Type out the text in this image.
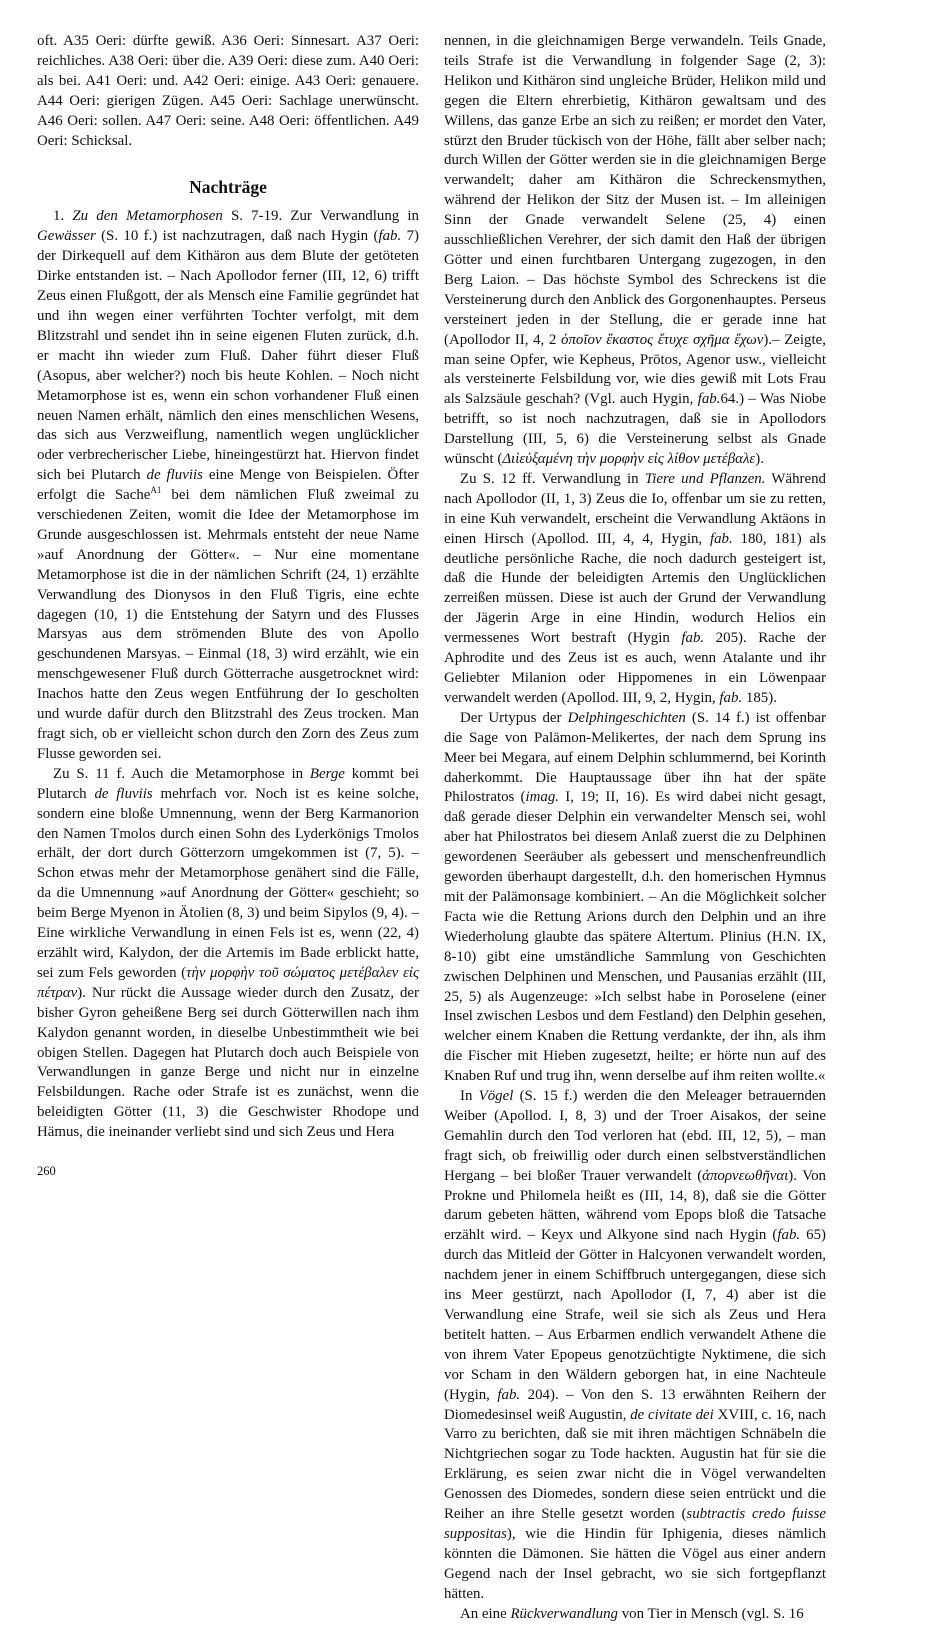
oft. A35 Oeri: dürfte gewiß. A36 Oeri: Sinnesart. A37 Oeri: reichliches. A38 Oeri: über die. A39 Oeri: diese zum. A40 Oeri: als bei. A41 Oeri: und. A42 Oeri: einige. A43 Oeri: genauere. A44 Oeri: gierigen Zügen. A45 Oeri: Sachlage unerwünscht. A46 Oeri: sollen. A47 Oeri: seine. A48 Oeri: öffentlichen. A49 Oeri: Schicksal.

Nachträge

1. Zu den Metamorphosen S. 7-19. Zur Verwandlung in Gewässer (S. 10 f.) ist nachzutragen, daß nach Hygin (fab. 7) der Dirkequell auf dem Kithäron aus dem Blute der getöteten Dirke entstanden ist. – Nach Apollodor ferner (III, 12, 6) trifft Zeus einen Flußgott, der als Mensch eine Familie gegründet hat und ihn wegen einer verführten Tochter verfolgt, mit dem Blitzstrahl und sendet ihn in seine eigenen Fluten zurück, d.h. er macht ihn wieder zum Fluß. Daher führt dieser Fluß (Asopus, aber welcher?) noch bis heute Kohlen. – Noch nicht Metamorphose ist es, wenn ein schon vorhandener Fluß einen neuen Namen erhält, nämlich den eines menschlichen Wesens, das sich aus Verzweiflung, namentlich wegen unglücklicher oder verbrecherischer Liebe, hineingestürzt hat. Hiervon findet sich bei Plutarch de fluviis eine Menge von Beispielen. Öfter erfolgt die Sache$^{A1}$ bei dem nämlichen Fluß zweimal zu verschiedenen Zeiten, womit die Idee der Metamorphose im Grunde ausgeschlossen ist. Mehrmals entsteht der neue Name »auf Anordnung der Götter«. – Nur eine momentane Metamorphose ist die in der nämlichen Schrift (24, 1) erzählte Verwandlung des Dionysos in den Fluß Tigris, eine echte dagegen (10, 1) die Entstehung der Satyrn und des Flusses Marsyas aus dem strömenden Blute des von Apollo geschundenen Marsyas. – Einmal (18, 3) wird erzählt, wie ein menschgewesener Fluß durch Götterrache ausgetrocknet wird: Inachos hatte den Zeus wegen Entführung der Io gescholten und wurde dafür durch den Blitzstrahl des Zeus trocken. Man fragt sich, ob er vielleicht schon durch den Zorn des Zeus zum Flusse geworden sei.

Zu S. 11 f. Auch die Metamorphose in Berge kommt bei Plutarch de fluviis mehrfach vor. Noch ist es keine solche, sondern eine bloße Umnennung, wenn der Berg Karmanorion den Namen Tmolos durch einen Sohn des Lyderkönigs Tmolos erhält, der dort durch Götterzorn umgekommen ist (7, 5). – Schon etwas mehr der Metamorphose genähert sind die Fälle, da die Umnennung »auf Anordnung der Götter« geschieht; so beim Berge Myenon in Ätolien (8, 3) und beim Sipylos (9, 4). – Eine wirkliche Verwandlung in einen Fels ist es, wenn (22, 4) erzählt wird, Kalydon, der die Artemis im Bade erblickt hatte, sei zum Fels geworden (τὴν μορφὴν τοῦ σώματος μετέβαλεν εἰς πέτραν). Nur rückt die Aussage wieder durch den Zusatz, der bisher Gyron geheißene Berg sei durch Götterwillen nach ihm Kalydon genannt worden, in dieselbe Unbestimmtheit wie bei obigen Stellen. Dagegen hat Plutarch doch auch Beispiele von Verwandlungen in ganze Berge und nicht nur in einzelne Felsbildungen. Rache oder Strafe ist es zunächst, wenn die beleidigten Götter (11, 3) die Geschwister Rhodope und Hämus, die ineinander verliebt sind und sich Zeus und Hera

nennen, in die gleichnamigen Berge verwandeln. Teils Gnade, teils Strafe ist die Verwandlung in folgender Sage (2, 3): Helikon und Kithäron sind ungleiche Brüder, Helikon mild und gegen die Eltern ehrerbietig, Kithäron gewaltsam und des Willens, das ganze Erbe an sich zu reißen; er mordet den Vater, stürzt den Bruder tückisch von der Höhe, fällt aber selber nach; durch Willen der Götter werden sie in die gleichnamigen Berge verwandelt; daher am Kithäron die Schreckensmythen, während der Helikon der Sitz der Musen ist. – Im alleinigen Sinn der Gnade verwandelt Selene (25, 4) einen ausschließlichen Verehrer, der sich damit den Haß der übrigen Götter und einen furchtbaren Untergang zugezogen, in den Berg Laion. – Das höchste Symbol des Schreckens ist die Versteinerung durch den Anblick des Gorgonenhauptes. Perseus versteinert jeden in der Stellung, die er gerade inne hat (Apollodor II, 4, 2 ὁποῖον ἕκαστος ἔτυχε σχῆμα ἔχων).– Zeigte, man seine Opfer, wie Kepheus, Prōtos, Agenor usw., vielleicht als versteinerte Felsbildung vor, wie dies gewiß mit Lots Frau als Salzsäule geschah? (Vgl. auch Hygin, fab.64.) – Was Niobe betrifft, so ist noch nachzutragen, daß sie in Apollodors Darstellung (III, 5, 6) die Versteinerung selbst als Gnade wünscht (Διὶεὐξαμένη τὴν μορφὴν εἰς λίθον μετέβαλε).

Zu S. 12 ff. Verwandlung in Tiere und Pflanzen. Während nach Apollodor (II, 1, 3) Zeus die Io, offenbar um sie zu retten, in eine Kuh verwandelt, erscheint die Verwandlung Aktäons in einen Hirsch (Apollod. III, 4, 4, Hygin, fab. 180, 181) als deutliche persönliche Rache, die noch dadurch gesteigert ist, daß die Hunde der beleidigten Artemis den Unglücklichen zerreißen müssen. Diese ist auch der Grund der Verwandlung der Jägerin Arge in eine Hindin, wodurch Helios ein vermessenes Wort bestraft (Hygin fab. 205). Rache der Aphrodite und des Zeus ist es auch, wenn Atalante und ihr Geliebter Milanion oder Hippomenes in ein Löwenpaar verwandelt werden (Apollod. III, 9, 2, Hygin, fab. 185).

Der Urtypus der Delphingeschichten (S. 14 f.) ist offenbar die Sage von Palämon-Melikertes, der nach dem Sprung ins Meer bei Megara, auf einem Delphin schlummernd, bei Korinth daherkommt. Die Hauptaussage über ihn hat der späte Philostratos (imag. I, 19; II, 16). Es wird dabei nicht gesagt, daß gerade dieser Delphin ein verwandelter Mensch sei, wohl aber hat Philostratos bei diesem Anlaß zuerst die zu Delphinen gewordenen Seeräuber als gebessert und menschenfreundlich geworden überhaupt dargestellt, d.h. den homerischen Hymnus mit der Palämonsage kombiniert. – An die Möglichkeit solcher Facta wie die Rettung Arions durch den Delphin und an ihre Wiederholung glaubte das spätere Altertum. Plinius (H.N. IX, 8-10) gibt eine umständliche Sammlung von Geschichten zwischen Delphinen und Menschen, und Pausanias erzählt (III, 25, 5) als Augenzeuge: »Ich selbst habe in Poroselene (einer Insel zwischen Lesbos und dem Festland) den Delphin gesehen, welcher einem Knaben die Rettung verdankte, der ihn, als ihm die Fischer mit Hieben zugesetzt, heilte; er hörte nun auf des Knaben Ruf und trug ihn, wenn derselbe auf ihm reiten wollte.«

In Vögel (S. 15 f.) werden die den Meleager betrauernden Weiber (Apollod. I, 8, 3) und der Troer Aisakos, der seine Gemahlin durch den Tod verloren hat (ebd. III, 12, 5), – man fragt sich, ob freiwillig oder durch einen selbstverständlichen Hergang – bei bloßer Trauer verwandelt (ἀπορνεωθῆναι). Von Prokne und Philomela heißt es (III, 14, 8), daß sie die Götter darum gebeten hätten, während vom Epops bloß die Tatsache erzählt wird. – Keyx und Alkyone sind nach Hygin (fab. 65) durch das Mitleid der Götter in Halcyonen verwandelt worden, nachdem jener in einem Schiffbruch untergegangen, diese sich ins Meer gestürzt, nach Apollodor (I, 7, 4) aber ist die Verwandlung eine Strafe, weil sie sich als Zeus und Hera betitelt hatten. – Aus Erbarmen endlich verwandelt Athene die von ihrem Vater Epopeus genotzüchtigte Nyktimene, die sich vor Scham in den Wäldern geborgen hat, in eine Nachteule (Hygin, fab. 204). – Von den S. 13 erwähnten Reihern der Diomedesinsel weiß Augustin, de civitate dei XVIII, c. 16, nach Varro zu berichten, daß sie mit ihren mächtigen Schnäbeln die Nichtgriechen sogar zu Tode hackten. Augustin hat für sie die Erklärung, es seien zwar nicht die in Vögel verwandelten Genossen des Diomedes, sondern diese seien entrückt und die Reiher an ihre Stelle gesetzt worden (subtractis credo fuisse suppositas), wie die Hindin für Iphigenia, dieses nämlich könnten die Dämonen. Sie hätten die Vögel aus einer andern Gegend nach der Insel gebracht, wo sie sich fortgepflanzt hätten.

An eine Rückverwandlung von Tier in Mensch (vgl. S. 16

260
